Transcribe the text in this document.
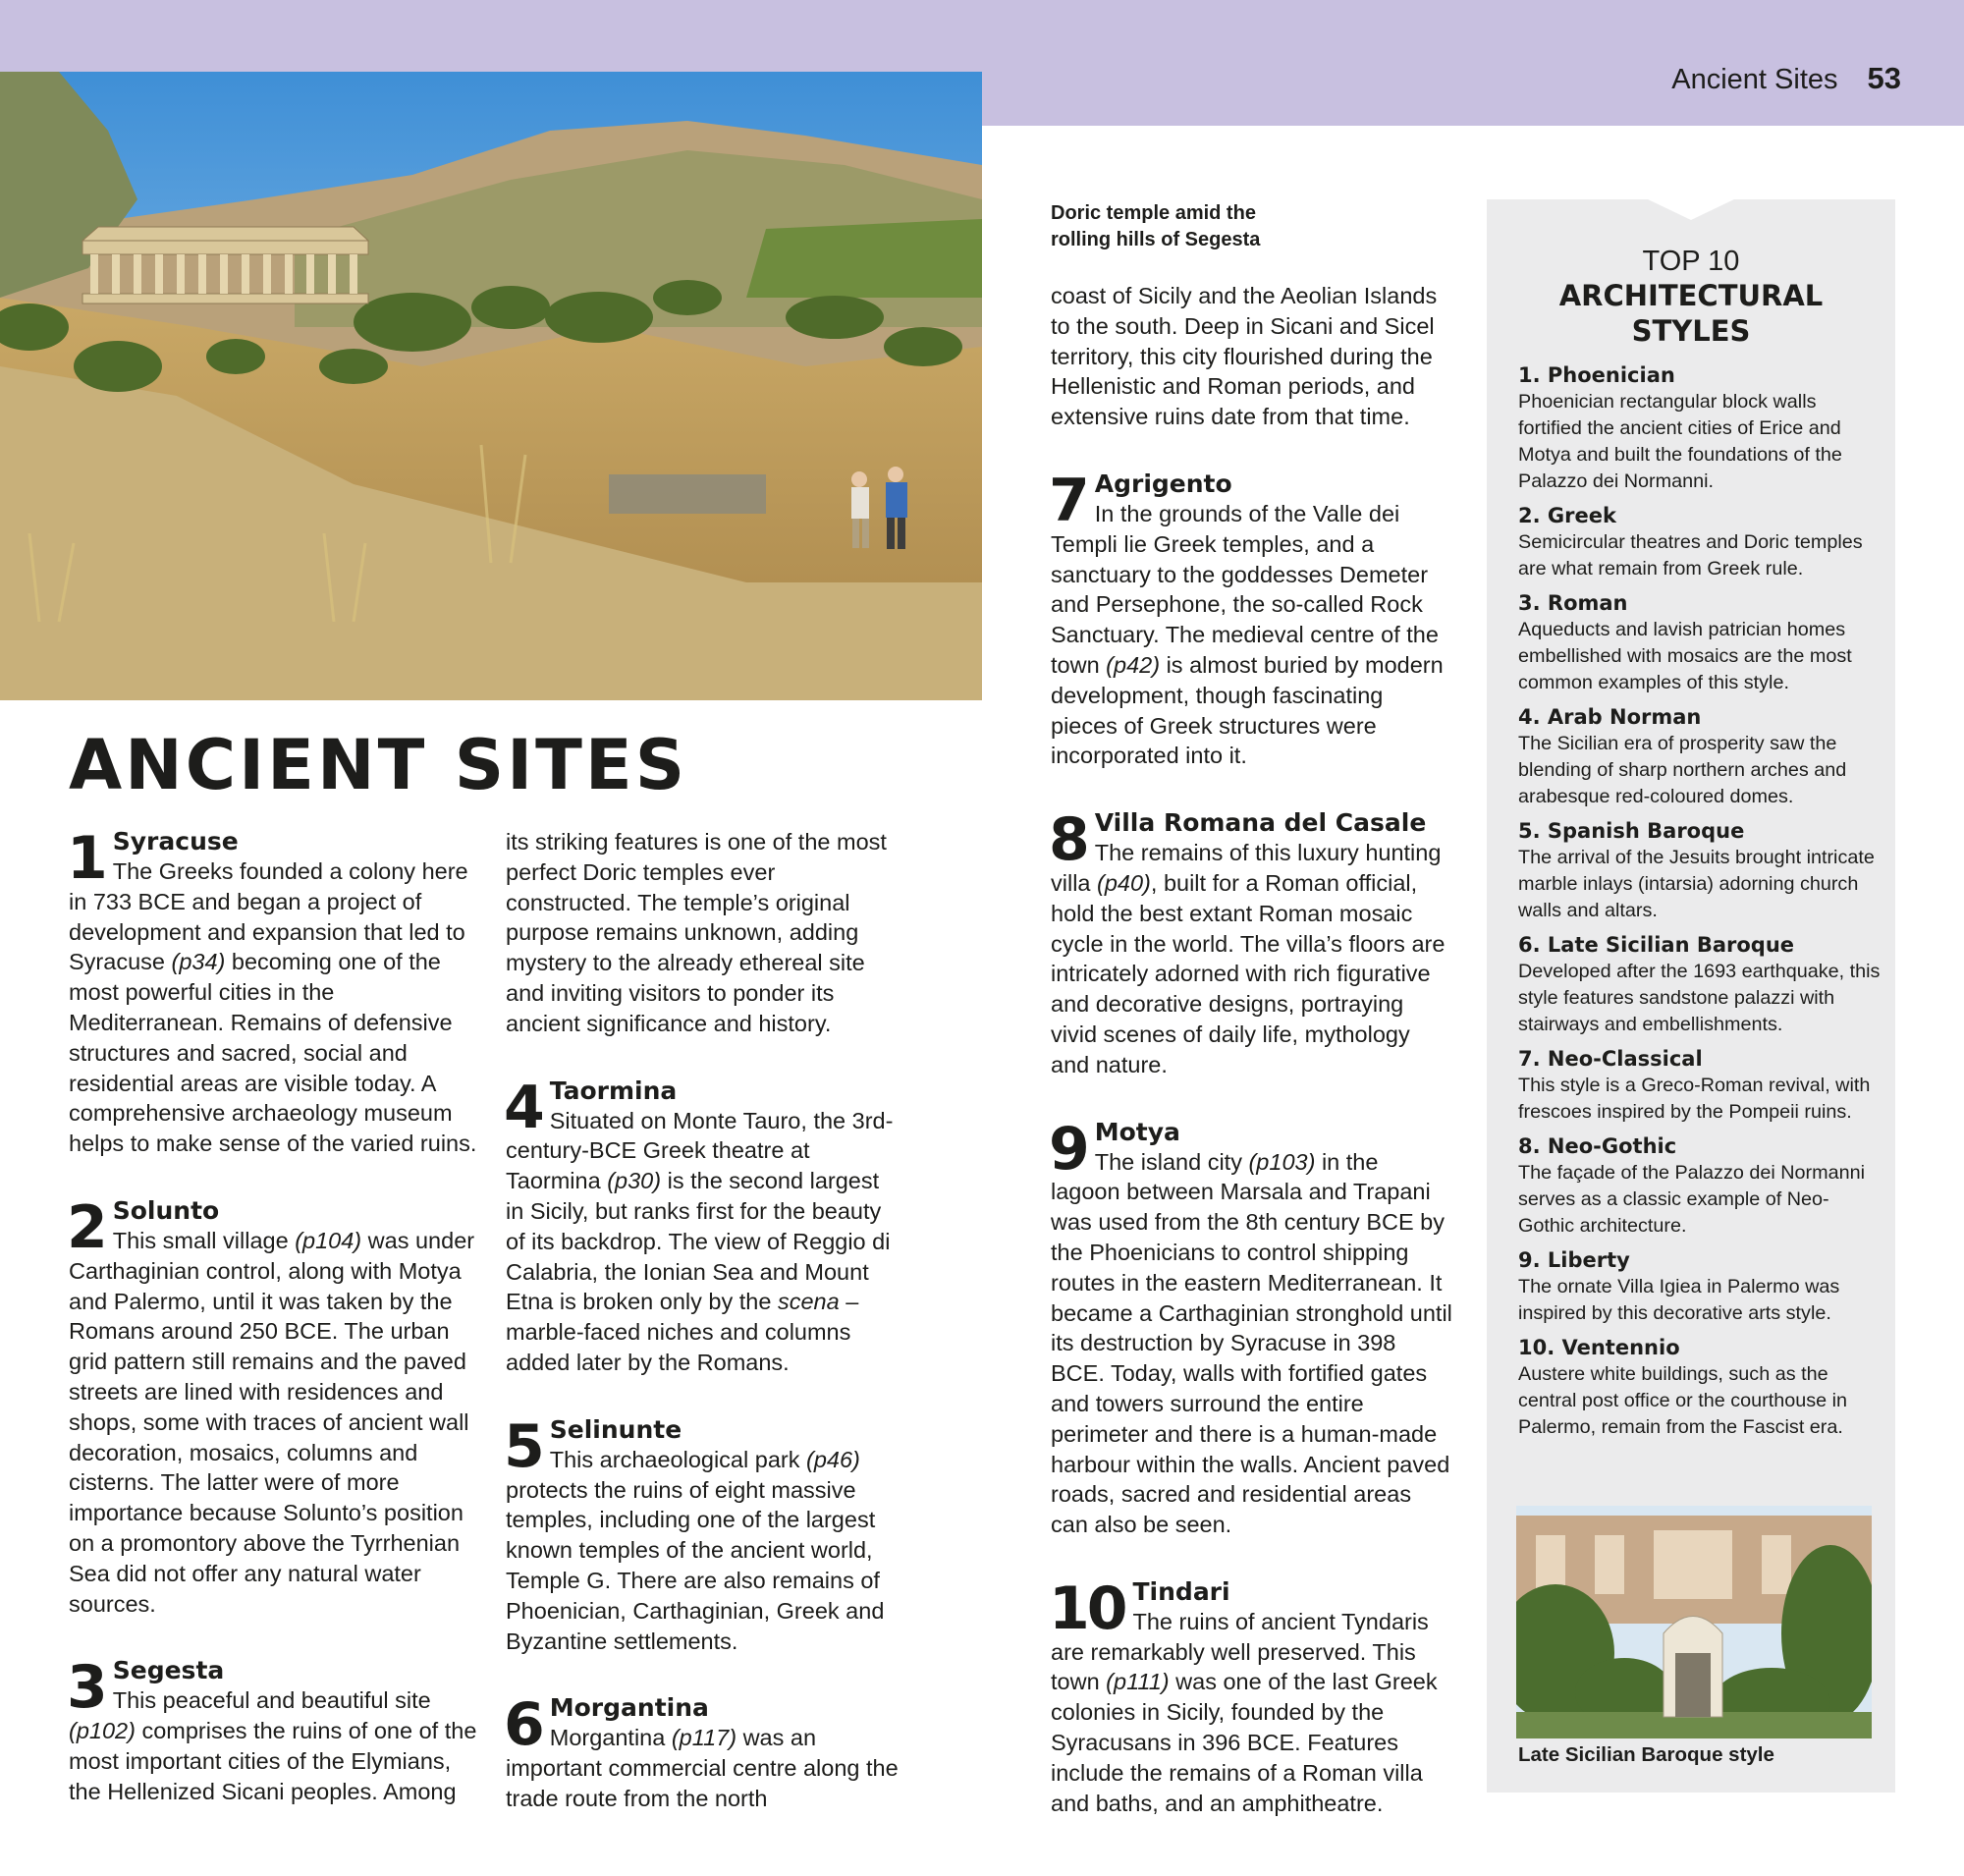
Ancient Sites 53
Doric temple amid the
rolling hills of Segesta
ANCIENT SITES
1 Syracuse

The Greeks founded a colony here in 733 BCE and began a project of development and expansion that led to Syracuse (p34) becoming one of the most powerful cities in the Mediterranean. Remains of defensive structures and sacred, social and residential areas are visible today. A comprehensive archaeology museum helps to make sense of the varied ruins.

2 Solunto

This small village (p104) was under Carthaginian control, along with Motya and Palermo, until it was taken by the Romans around 250 BCE. The urban grid pattern still remains and the paved streets are lined with residences and shops, some with traces of ancient wall decoration, mosaics, columns and cisterns. The latter were of more importance because Solunto’s position on a promontory above the Tyrrhenian Sea did not offer any natural water sources.

3 Segesta

This peaceful and beautiful site (p102) comprises the ruins of one of the most important cities of the Elymians, the Hellenized Sicani peoples. Among

its striking features is one of the most perfect Doric temples ever constructed. The temple’s original purpose remains unknown, adding mystery to the already ethereal site and inviting visitors to ponder its ancient significance and history.

4 Taormina

Situated on Monte Tauro, the 3rd-century-BCE Greek theatre at Taormina (p30) is the second largest in Sicily, but ranks first for the beauty of its backdrop. The view of Reggio di Calabria, the Ionian Sea and Mount Etna is broken only by the scena – marble-faced niches and columns added later by the Romans.

5 Selinunte

This archaeological park (p46) protects the ruins of eight massive temples, including one of the largest known temples of the ancient world, Temple G. There are also remains of Phoenician, Carthaginian, Greek and Byzantine settlements.

6 Morgantina

Morgantina (p117) was an important commercial centre along the trade route from the north

coast of Sicily and the Aeolian Islands to the south. Deep in Sicani and Sicel territory, this city flourished during the Hellenistic and Roman periods, and extensive ruins date from that time.

7 Agrigento

In the grounds of the Valle dei Templi lie Greek temples, and a sanctuary to the goddesses Demeter and Persephone, the so-called Rock Sanctuary. The medieval centre of the town (p42) is almost buried by modern development, though fascinating pieces of Greek structures were incorporated into it.

8 Villa Romana del Casale

The remains of this luxury hunting villa (p40), built for a Roman official, hold the best extant Roman mosaic cycle in the world. The villa’s floors are intricately adorned with rich figurative and decorative designs, portraying vivid scenes of daily life, mythology and nature.

9 Motya

The island city (p103) in the lagoon between Marsala and Trapani was used from the 8th century BCE by the Phoenicians to control shipping routes in the eastern Mediterranean. It became a Carthaginian stronghold until its destruction by Syracuse in 398 BCE. Today, walls with fortified gates and towers surround the entire perimeter and there is a human-made harbour within the walls. Ancient paved roads, sacred and residential areas can also be seen.

10 Tindari

The ruins of ancient Tyndaris are remarkably well preserved. This town (p111) was one of the last Greek colonies in Sicily, founded by the Syracusans in 396 BCE. Features include the remains of a Roman villa and baths, and an amphitheatre.

TOP 10
ARCHITECTURAL STYLES
1. Phoenician
Phoenician rectangular block walls fortified the ancient cities of Erice and Motya and built the foundations of the Palazzo dei Normanni.
2. Greek
Semicircular theatres and Doric temples are what remain from Greek rule.
3. Roman
Aqueducts and lavish patrician homes embellished with mosaics are the most common examples of this style.
4. Arab Norman
The Sicilian era of prosperity saw the blending of sharp northern arches and arabesque red-coloured domes.
5. Spanish Baroque
The arrival of the Jesuits brought intricate marble inlays (intarsia) adorning church walls and altars.
6. Late Sicilian Baroque
Developed after the 1693 earthquake, this style features sandstone palazzi with stairways and embellishments.
7. Neo-Classical
This style is a Greco-Roman revival, with frescoes inspired by the Pompeii ruins.
8. Neo-Gothic
The façade of the Palazzo dei Normanni serves as a classic example of Neo-Gothic architecture.
9. Liberty
The ornate Villa Igiea in Palermo was inspired by this decorative arts style.
10. Ventennio
Austere white buildings, such as the central post office or the courthouse in Palermo, remain from the Fascist era.
Late Sicilian Baroque style
